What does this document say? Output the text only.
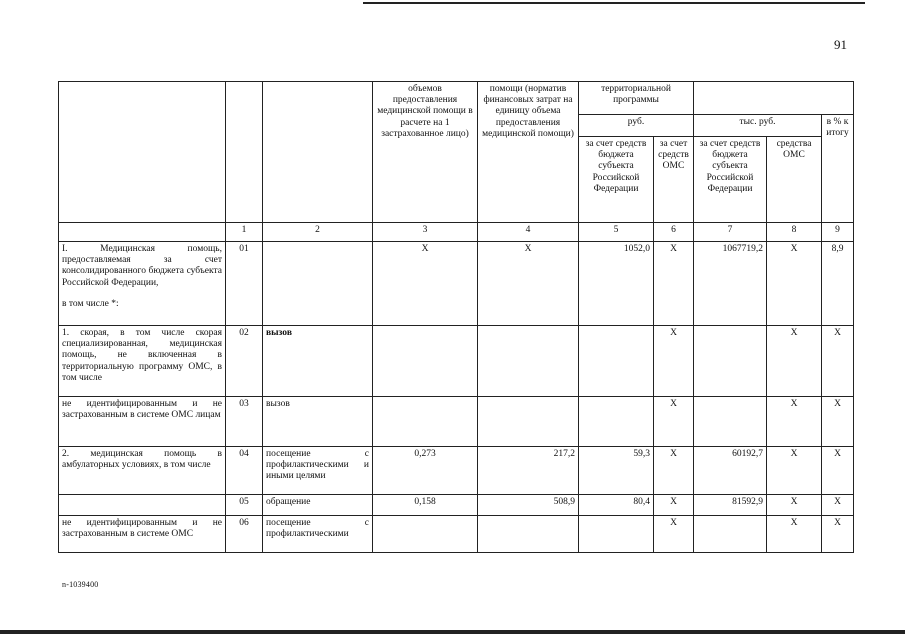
91
			объемов предоставления медицинской помощи в расчете на 1 застрахованное лицо)	помощи (норматив финансовых затрат на единицу объема предоставления медицинской помощи)	территориальной программы				
					руб.		тыс. руб.		в % к итогу
					за счет средств бюджета субъекта Российской Федерации	за счет средств ОМС	за счет средств бюджета субъекта Российской Федерации	средства ОМС	
	1	2	3	4	5	6	7	8	9
I. Медицинская помощь, предоставляемая за счет консолидированного бюджета субъекта Российской Федерации,
в том числе *:	01		X	X	1052,0	X	1067719,2	X	8,9
1. скорая, в том числе скорая специализированная, медицинская помощь, не включенная в территориальную программу ОМС, в том числе	02	вызов				X		X	X
не идентифицированным и не застрахованным в системе ОМС лицам	03	вызов				X		X	X
2. медицинская помощь в амбулаторных условиях, в том числе	04	посещение с профилактическими и иными целями	0,273	217,2	59,3	X	60192,7	X	X
	05	обращение	0,158	508,9	80,4	X	81592,9	X	X
не идентифицированным и не застрахованным в системе ОМС	06	посещение с профилактическими				X		X	X
n-1039400
